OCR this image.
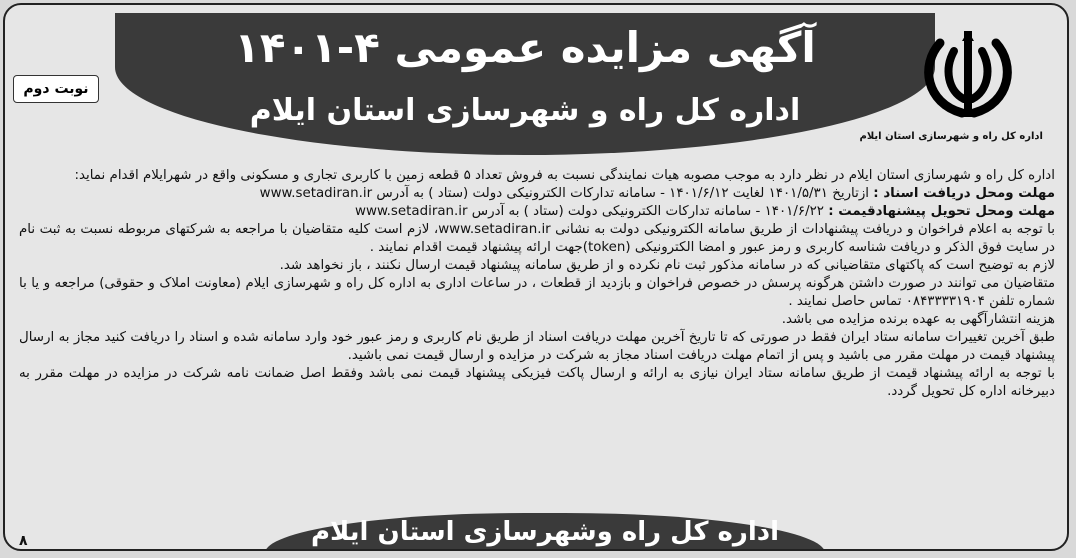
آگهی مزایده عمومی ۴-۱۴۰۱
اداره کل راه و شهرسازی استان ایلام
اداره کل راه و شهرسازی استان ایلام
نوبت دوم

اداره کل راه و شهرسازی استان ایلام در نظر دارد به موجب مصوبه هیات نمایندگی نسبت به فروش تعداد ۵ قطعه زمین با کاربری تجاری و مسکونی واقع در شهرایلام اقدام نماید:

مهلت ومحل دریافت اسناد : ازتاریخ ۱۴۰۱/۵/۳۱ لغایت ۱۴۰۱/۶/۱۲ - سامانه تدارکات الکترونیکی دولت (ستاد ) به آدرس www.setadiran.ir

مهلت ومحل تحویل پیشنهادقیمت : ۱۴۰۱/۶/۲۲ - سامانه تدارکات الکترونیکی دولت (ستاد ) به آدرس www.setadiran.ir

با توجه به اعلام فراخوان و دریافت پیشنهادات از طریق سامانه الکترونیکی دولت به نشانی www.setadiran.ir، لازم است کلیه متقاضیان با مراجعه به شرکتهای مربوطه نسبت به ثبت نام در سایت فوق الذکر و دریافت شناسه کاربری و رمز عبور و امضا الکترونیکی (token)جهت ارائه پیشنهاد قیمت اقدام نمایند .

لازم به توضیح است که پاکتهای متقاضیانی که در سامانه مذکور ثبت نام نکرده و از طریق سامانه پیشنهاد قیمت ارسال نکنند ، باز نخواهد شد.

متقاضیان می توانند در صورت داشتن هرگونه پرسش در خصوص فراخوان و بازدید از قطعات ، در ساعات اداری به اداره کل راه و شهرسازی ایلام (معاونت املاک و حقوقی) مراجعه و یا با شماره تلفن ۰۸۴۳۳۳۳۱۹۰۴ تماس حاصل نمایند .

هزینه انتشارآگهی به عهده برنده مزایده می باشد.

طبق آخرین تغییرات سامانه ستاد ایران فقط در صورتی که تا تاریخ آخرین مهلت دریافت اسناد از طریق نام کاربری و رمز عبور خود وارد سامانه شده و اسناد را دریافت کنید مجاز به ارسال پیشنهاد قیمت در مهلت مقرر می باشید و پس از اتمام مهلت دریافت اسناد مجاز به شرکت در مزایده و ارسال قیمت نمی باشید.

با توجه به ارائه پیشنهاد قیمت از طریق سامانه ستاد ایران نیازی به ارائه و ارسال پاکت فیزیکی پیشنهاد قیمت نمی باشد وفقط اصل ضمانت نامه شرکت در مزایده در مهلت مقرر به دبیرخانه اداره کل تحویل گردد.

اداره کل راه وشهرسازی استان ایلام
۸
